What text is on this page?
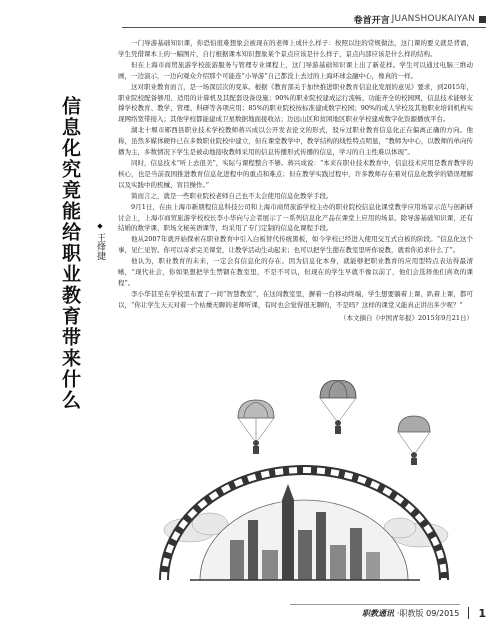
卷首开言 JUANSHOUKAIYAN
信息化究竟能给职业教育带来什么 ◆王烽捷

一门导游基础知识课，你恐怕很难想象会被现在的老师上成什么样子：按照以往的常规做法，这门课的要义就是背诵，学生凭借课本上的一幅图片，自行根据课本知识想象某个景点应该是什么样子，景点内部应该是什么样的结构。

但在上海市商贸旅游学校旅游服务与管理专业课程上，这门导游基础知识课上出了新花样。学生可以通过电脑三维动画，一边演示，一边向观众介绍那个可能连“小导游”自己都没上去过的上海环球金融中心，像真的一样。

这对职业教育而言，是一场深层次的变革。根据《教育部关于加快推进职业教育信息化发展的意见》要求，到2015年，职业院校配备够用、适用的计算机及其配套设备设施；90%的职业院校建成运行流畅、功能齐全的校园网，信息技术能够支撑学校教育、教学、管理、科研等各项应用；85%的职业院校按标准建成数字校园；90%的成人学校及其他职业培训机构实现网络宽带接入；其他学校都能建成卫星数据地面接收站；边远山区和贫困地区职业学校建成数字化资源播放平台。

湖北十堰市郧西县职业技术学校教师蒋兴成以公开发表论文的形式，驳斥过职业教育信息化正在偏离正确的方向。他称，虽然多媒体硬件已在多数职业院校中建立，但在课堂教学中，教学结构的线性特点明显，“教师为中心，以教师的单向传播为主，多数情况下学生是被动地接收教师采用的信息传播形式传播的信息，学习的自主性难以体现”。

同时，信息技术“听上去很美”，实际与课程整合不够。蒋兴成说：“本来在职业技术教育中，信息技术应用是教育教学的核心，也是当前我国推进教育信息化进程中的重点和难点；但在教学实践过程中，许多教师存在着对信息化教学的错误理解以及实践中的机械、盲目操作。”

简而言之，就是一些职业院校老师自己也不太会使用信息化教学手段。

9月1日，在由上海市新朋程信息科技公司和上海市商贸旅游学校主办的职业院校信息化课堂教学应用场景示范与创新研讨会上，上海市商贸旅游学校校长李小华向与会者展示了一系列信息化产品在课堂上应用的场景。除导游基础知识课，还有结婚的数学课、职场文秘英语课等，均采用了专门定制的信息化课程手段。

他从2007年就开始探索在职业教育中引入白板替代传统黑板，如今学校已经进入使用交互式白板的阶段。“信息化这个事，见仁见智。你可以寄求完美课堂，让教学活动生动起来；也可以把学生摁在教室里听你说教，就看你追求什么了”。

他认为，职业教育的未来，一定会有信息化的存在。因为信息化本身，就能够把职业教育的应用型特点表达得最清晰，“现代社会，你如果想把学生禁锢在教室里，不是不可以，但现在的学生早就不像以前了，他们会选择他们喜欢的课程”。

李小华甚至在学校里布置了一间“智慧教室”，在这间教室里，摒着一台移动终端，学生想要躺着上课、趴着上课，都可以，“你让学生天天对着一个枯燥无聊的老师听课，有时也会觉得很无聊的，不是吗？这样的课堂又能真正讲出多少呢？”

（本文摘自《中国青年报》2015年9月21日）

职教通讯 ·职教版 09/2015 1
